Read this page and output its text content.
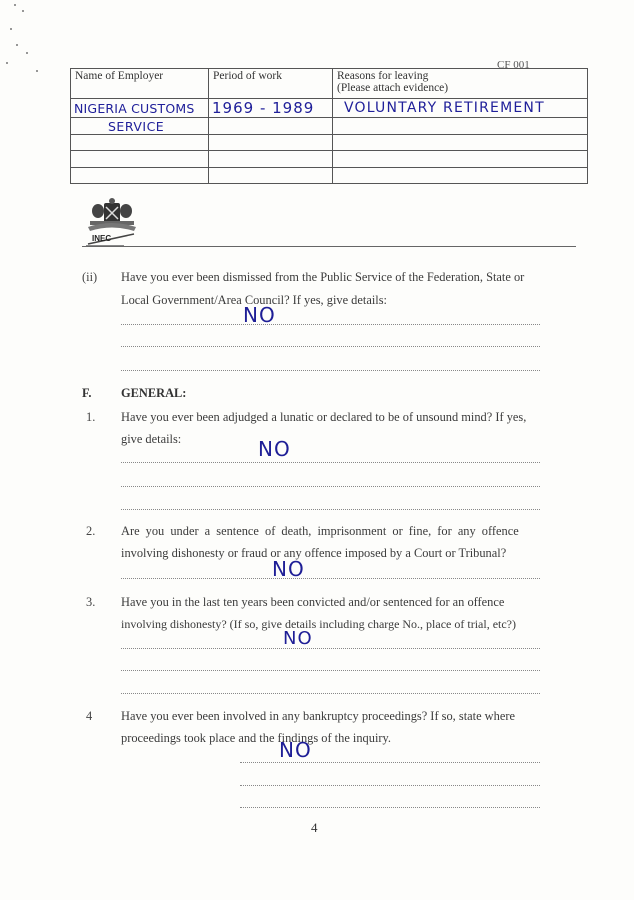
CF 001
Name of Employer	Period of work	Reasons for leaving
(Please attach evidence)

NIGERIA CUSTOMS	1969 - 1989	VOLUNTARY RETIREMENT
SERVICE		

INEC
(ii) Have you ever been dismissed from the Public Service of the Federation, State or
Local Government/Area Council? If yes, give details:
NO
F. GENERAL:
1. Have you ever been adjudged a lunatic or declared to be of unsound mind? If yes,
give details:	NO
2. Are you under a sentence of death, imprisonment or fine, for any offence
involving dishonesty or fraud or any offence imposed by a Court or Tribunal?
NO
3. Have you in the last ten years been convicted and/or sentenced for an offence
involving dishonesty? (If so, give details including charge No., place of trial, etc?)
NO
4 Have you ever been involved in any bankruptcy proceedings? If so, state where
proceedings took place and the findings of the inquiry.
NO
4
